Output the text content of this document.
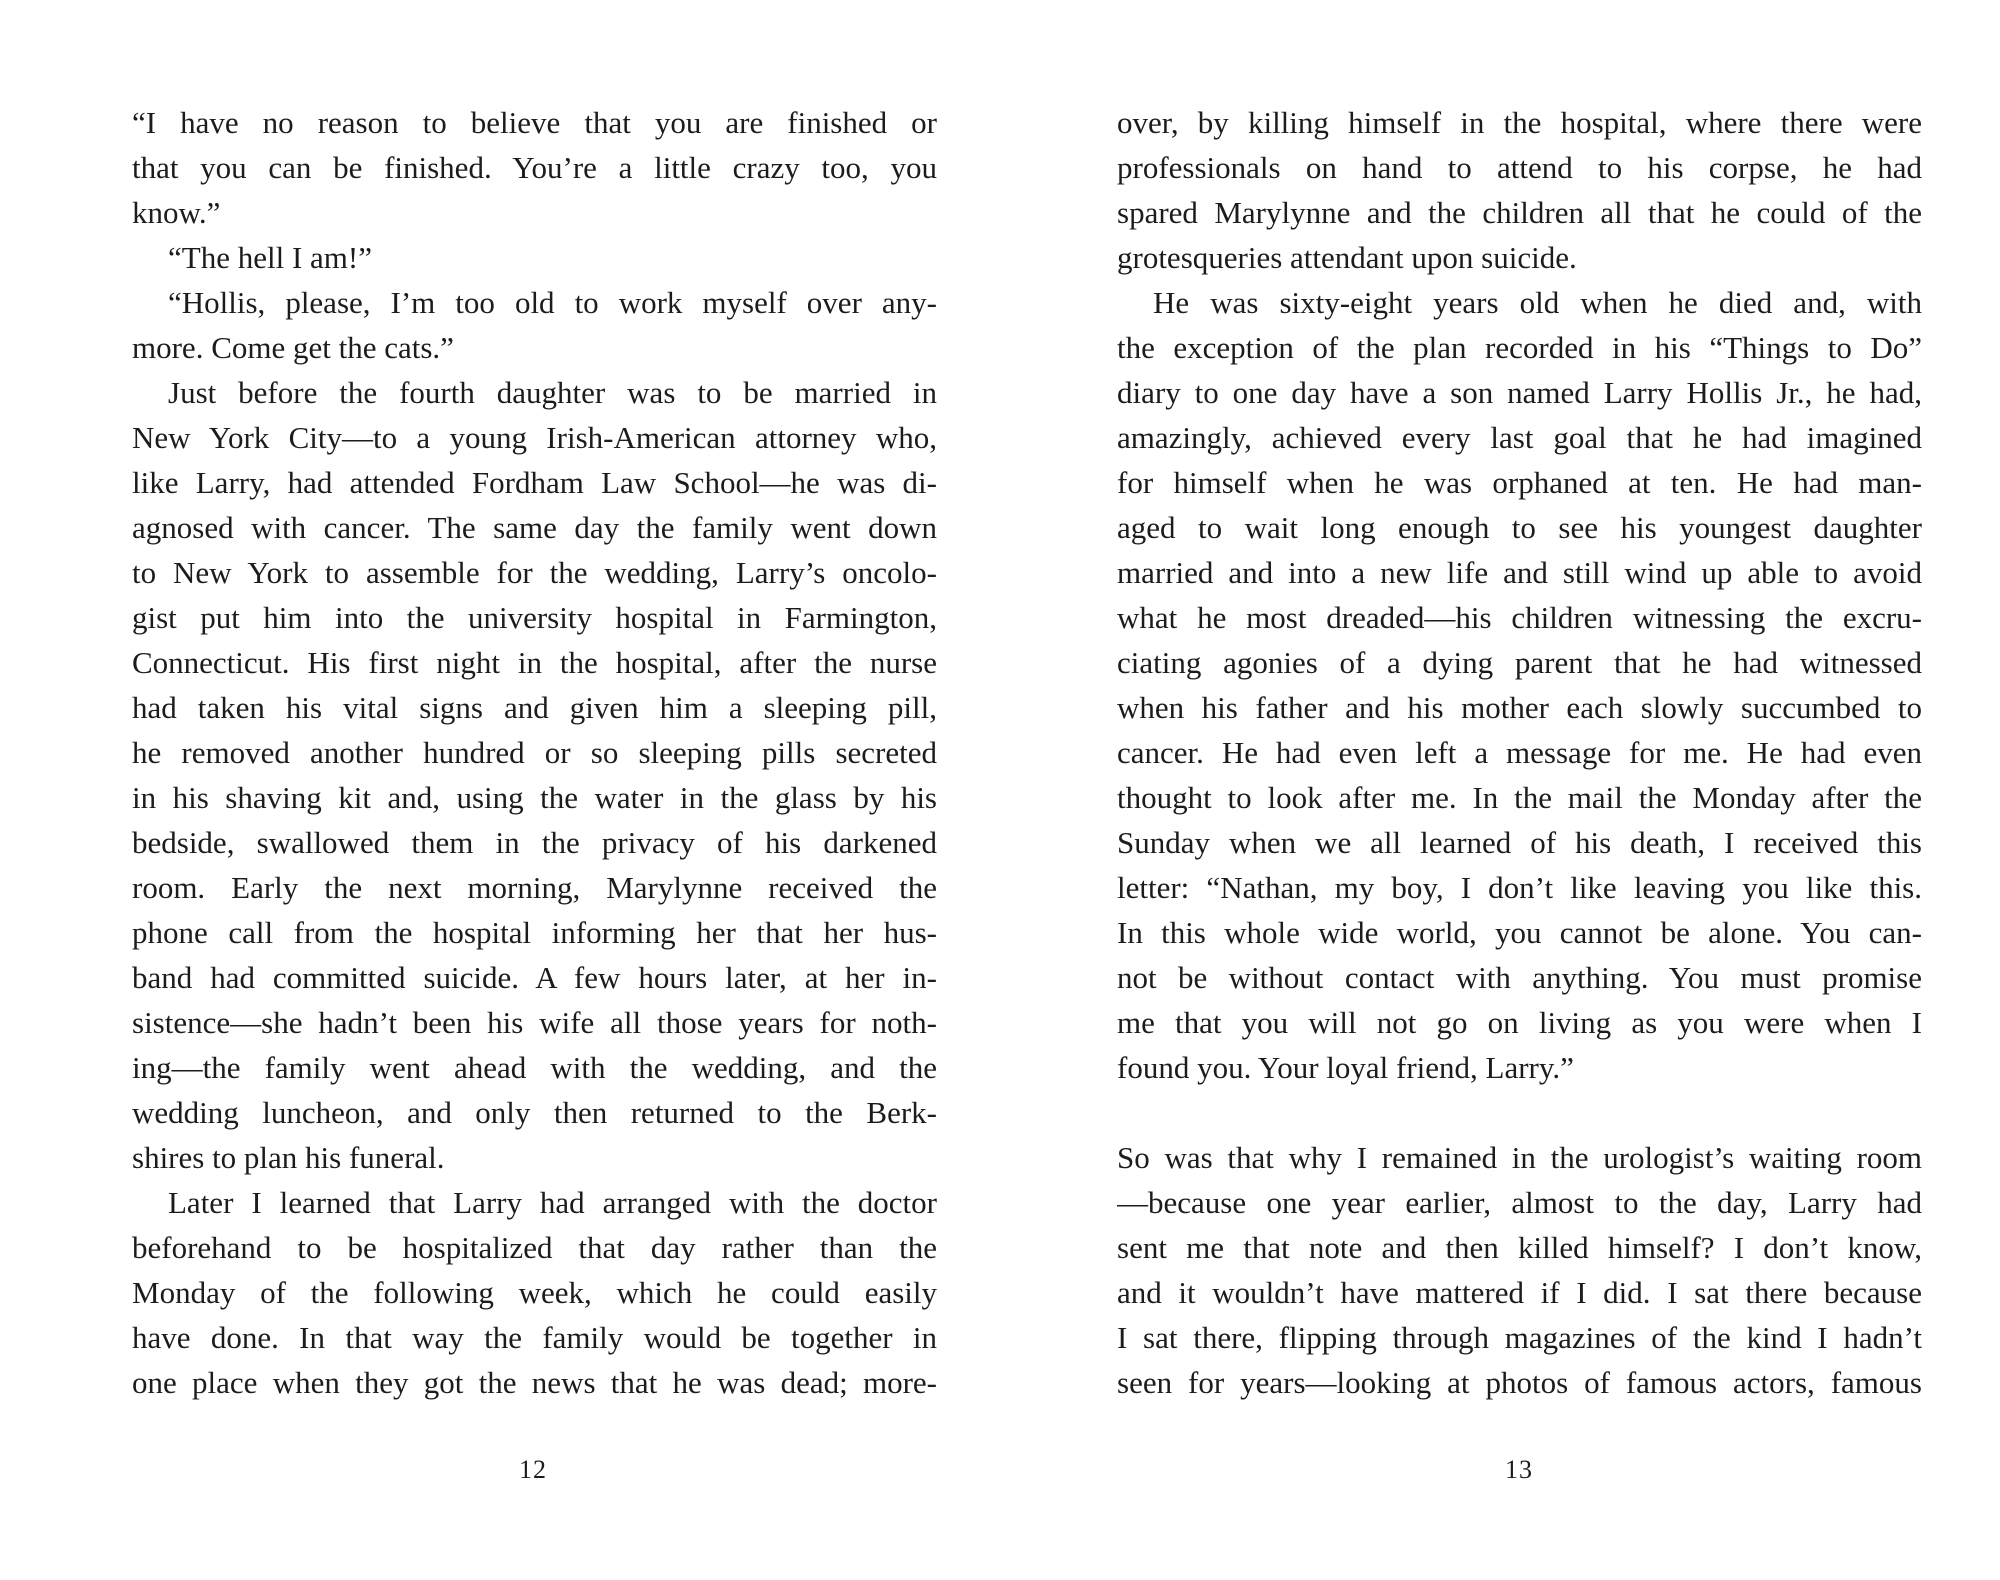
“I have no reason to believe that you are finished or
that you can be finished. You’re a little crazy too, you
know.”
“The hell I am!”
“Hollis, please, I’m too old to work myself over any-
more. Come get the cats.”
Just before the fourth daughter was to be married in
New York City—to a young Irish-American attorney who,
like Larry, had attended Fordham Law School—he was di-
agnosed with cancer. The same day the family went down
to New York to assemble for the wedding, Larry’s oncolo-
gist put him into the university hospital in Farmington,
Connecticut. His first night in the hospital, after the nurse
had taken his vital signs and given him a sleeping pill,
he removed another hundred or so sleeping pills secreted
in his shaving kit and, using the water in the glass by his
bedside, swallowed them in the privacy of his darkened
room. Early the next morning, Marylynne received the
phone call from the hospital informing her that her hus-
band had committed suicide. A few hours later, at her in-
sistence—she hadn’t been his wife all those years for noth-
ing—the family went ahead with the wedding, and the
wedding luncheon, and only then returned to the Berk-
shires to plan his funeral.
Later I learned that Larry had arranged with the doctor
beforehand to be hospitalized that day rather than the
Monday of the following week, which he could easily
have done. In that way the family would be together in
one place when they got the news that he was dead; more-
over, by killing himself in the hospital, where there were
professionals on hand to attend to his corpse, he had
spared Marylynne and the children all that he could of the
grotesqueries attendant upon suicide.
He was sixty-eight years old when he died and, with
the exception of the plan recorded in his “Things to Do”
diary to one day have a son named Larry Hollis Jr., he had,
amazingly, achieved every last goal that he had imagined
for himself when he was orphaned at ten. He had man-
aged to wait long enough to see his youngest daughter
married and into a new life and still wind up able to avoid
what he most dreaded—his children witnessing the excru-
ciating agonies of a dying parent that he had witnessed
when his father and his mother each slowly succumbed to
cancer. He had even left a message for me. He had even
thought to look after me. In the mail the Monday after the
Sunday when we all learned of his death, I received this
letter: “Nathan, my boy, I don’t like leaving you like this.
In this whole wide world, you cannot be alone. You can-
not be without contact with anything. You must promise
me that you will not go on living as you were when I
found you. Your loyal friend, Larry.”
So was that why I remained in the urologist’s waiting room
—because one year earlier, almost to the day, Larry had
sent me that note and then killed himself? I don’t know,
and it wouldn’t have mattered if I did. I sat there because
I sat there, flipping through magazines of the kind I hadn’t
seen for years—looking at photos of famous actors, famous
12	13
